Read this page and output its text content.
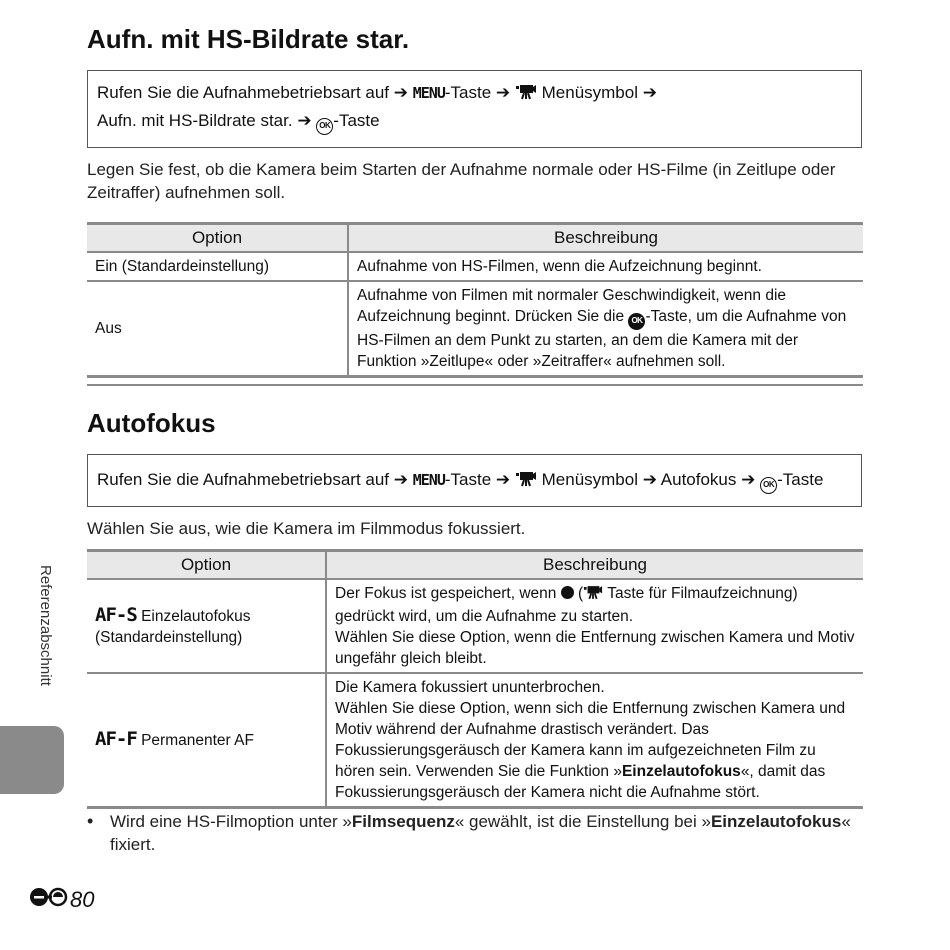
Aufn. mit HS-Bildrate star.
Rufen Sie die Aufnahmebetriebsart auf ➔ MENU-Taste ➔ Menüsymbol ➔
Aufn. mit HS-Bildrate star. ➔ OK -Taste

Legen Sie fest, ob die Kamera beim Starten der Aufnahme normale oder HS-Filme (in Zeitlupe oder Zeitraffer) aufnehmen soll.

Option	Beschreibung
Ein (Standardeinstellung)	Aufnahme von HS-Filmen, wenn die Aufzeichnung beginnt.
Aus	Aufnahme von Filmen mit normaler Geschwindigkeit, wenn die Aufzeichnung beginnt. Drücken Sie die OK -Taste, um die Aufnahme von HS-Filmen an dem Punkt zu starten, an dem die Kamera mit der Funktion »Zeitlupe« oder »Zeitraffer« aufnehmen soll.
Autofokus
Rufen Sie die Aufnahmebetriebsart auf ➔ MENU-Taste ➔ Menüsymbol ➔ Autofokus ➔ OK -Taste

Wählen Sie aus, wie die Kamera im Filmmodus fokussiert.

Option	Beschreibung
AF-S Einzelautofokus
(Standardeinstellung)	Der Fokus ist gespeichert, wenn ( Taste für Filmaufzeichnung)
gedrückt wird, um die Aufnahme zu starten.
Wählen Sie diese Option, wenn die Entfernung zwischen Kamera und Motiv ungefähr gleich bleibt.
AF-F Permanenter AF	Die Kamera fokussiert ununterbrochen.
Wählen Sie diese Option, wenn sich die Entfernung zwischen Kamera und Motiv während der Aufnahme drastisch verändert. Das Fokussierungsgeräusch der Kamera kann im aufgezeichneten Film zu hören sein. Verwenden Sie die Funktion »Einzelautofokus«, damit das Fokussierungsgeräusch der Kamera nicht die Aufnahme stört.
• Wird eine HS-Filmoption unter »Filmsequenz« gewählt, ist die Einstellung bei »Einzelautofokus« fixiert.
Referenzabschnitt
80
